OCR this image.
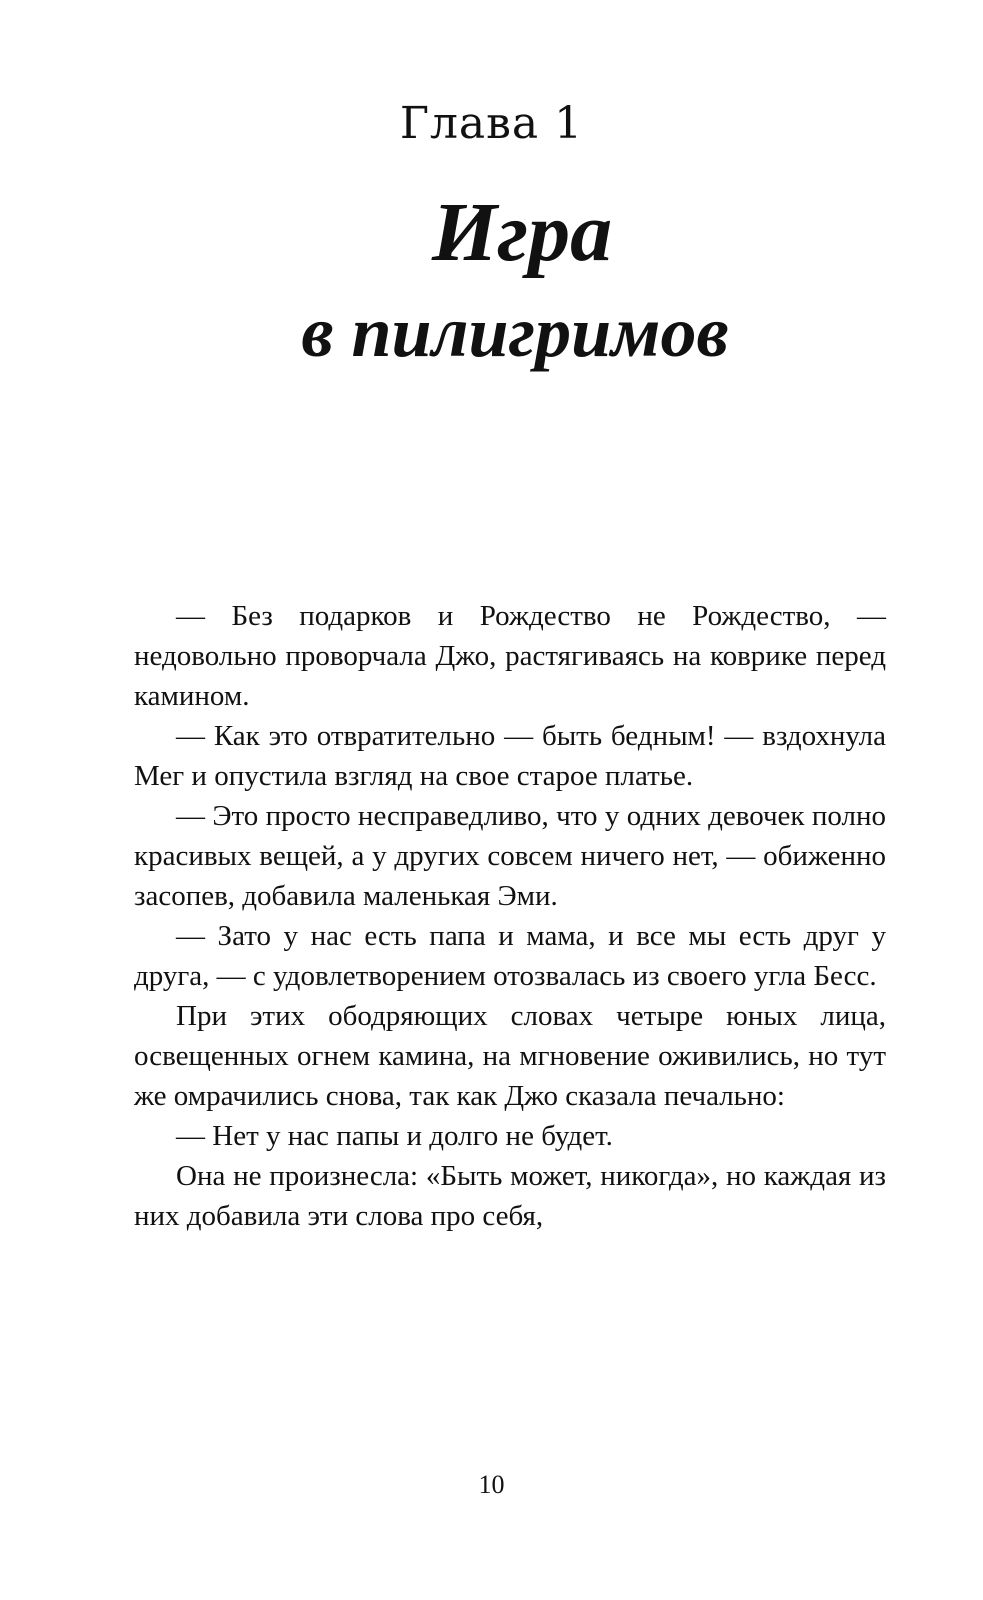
Глава 1
Игра
в пилигримов

— Без подарков и Рождество не Рождество, — недовольно проворчала Джо, растягиваясь на коврике перед камином.

— Как это отвратительно — быть бедным! — вздохнула Мег и опустила взгляд на свое старое платье.

— Это просто несправедливо, что у одних девочек полно красивых вещей, а у других совсем ничего нет, — обиженно засопев, добавила маленькая Эми.

— Зато у нас есть папа и мама, и все мы есть друг у друга, — с удовлетворением отозвалась из своего угла Бесс.

При этих ободряющих словах четыре юных лица, освещенных огнем камина, на мгновение оживились, но тут же омрачились снова, так как Джо сказала печально:

— Нет у нас папы и долго не будет.

Она не произнесла: «Быть может, никогда», но каждая из них добавила эти слова про себя,

10
